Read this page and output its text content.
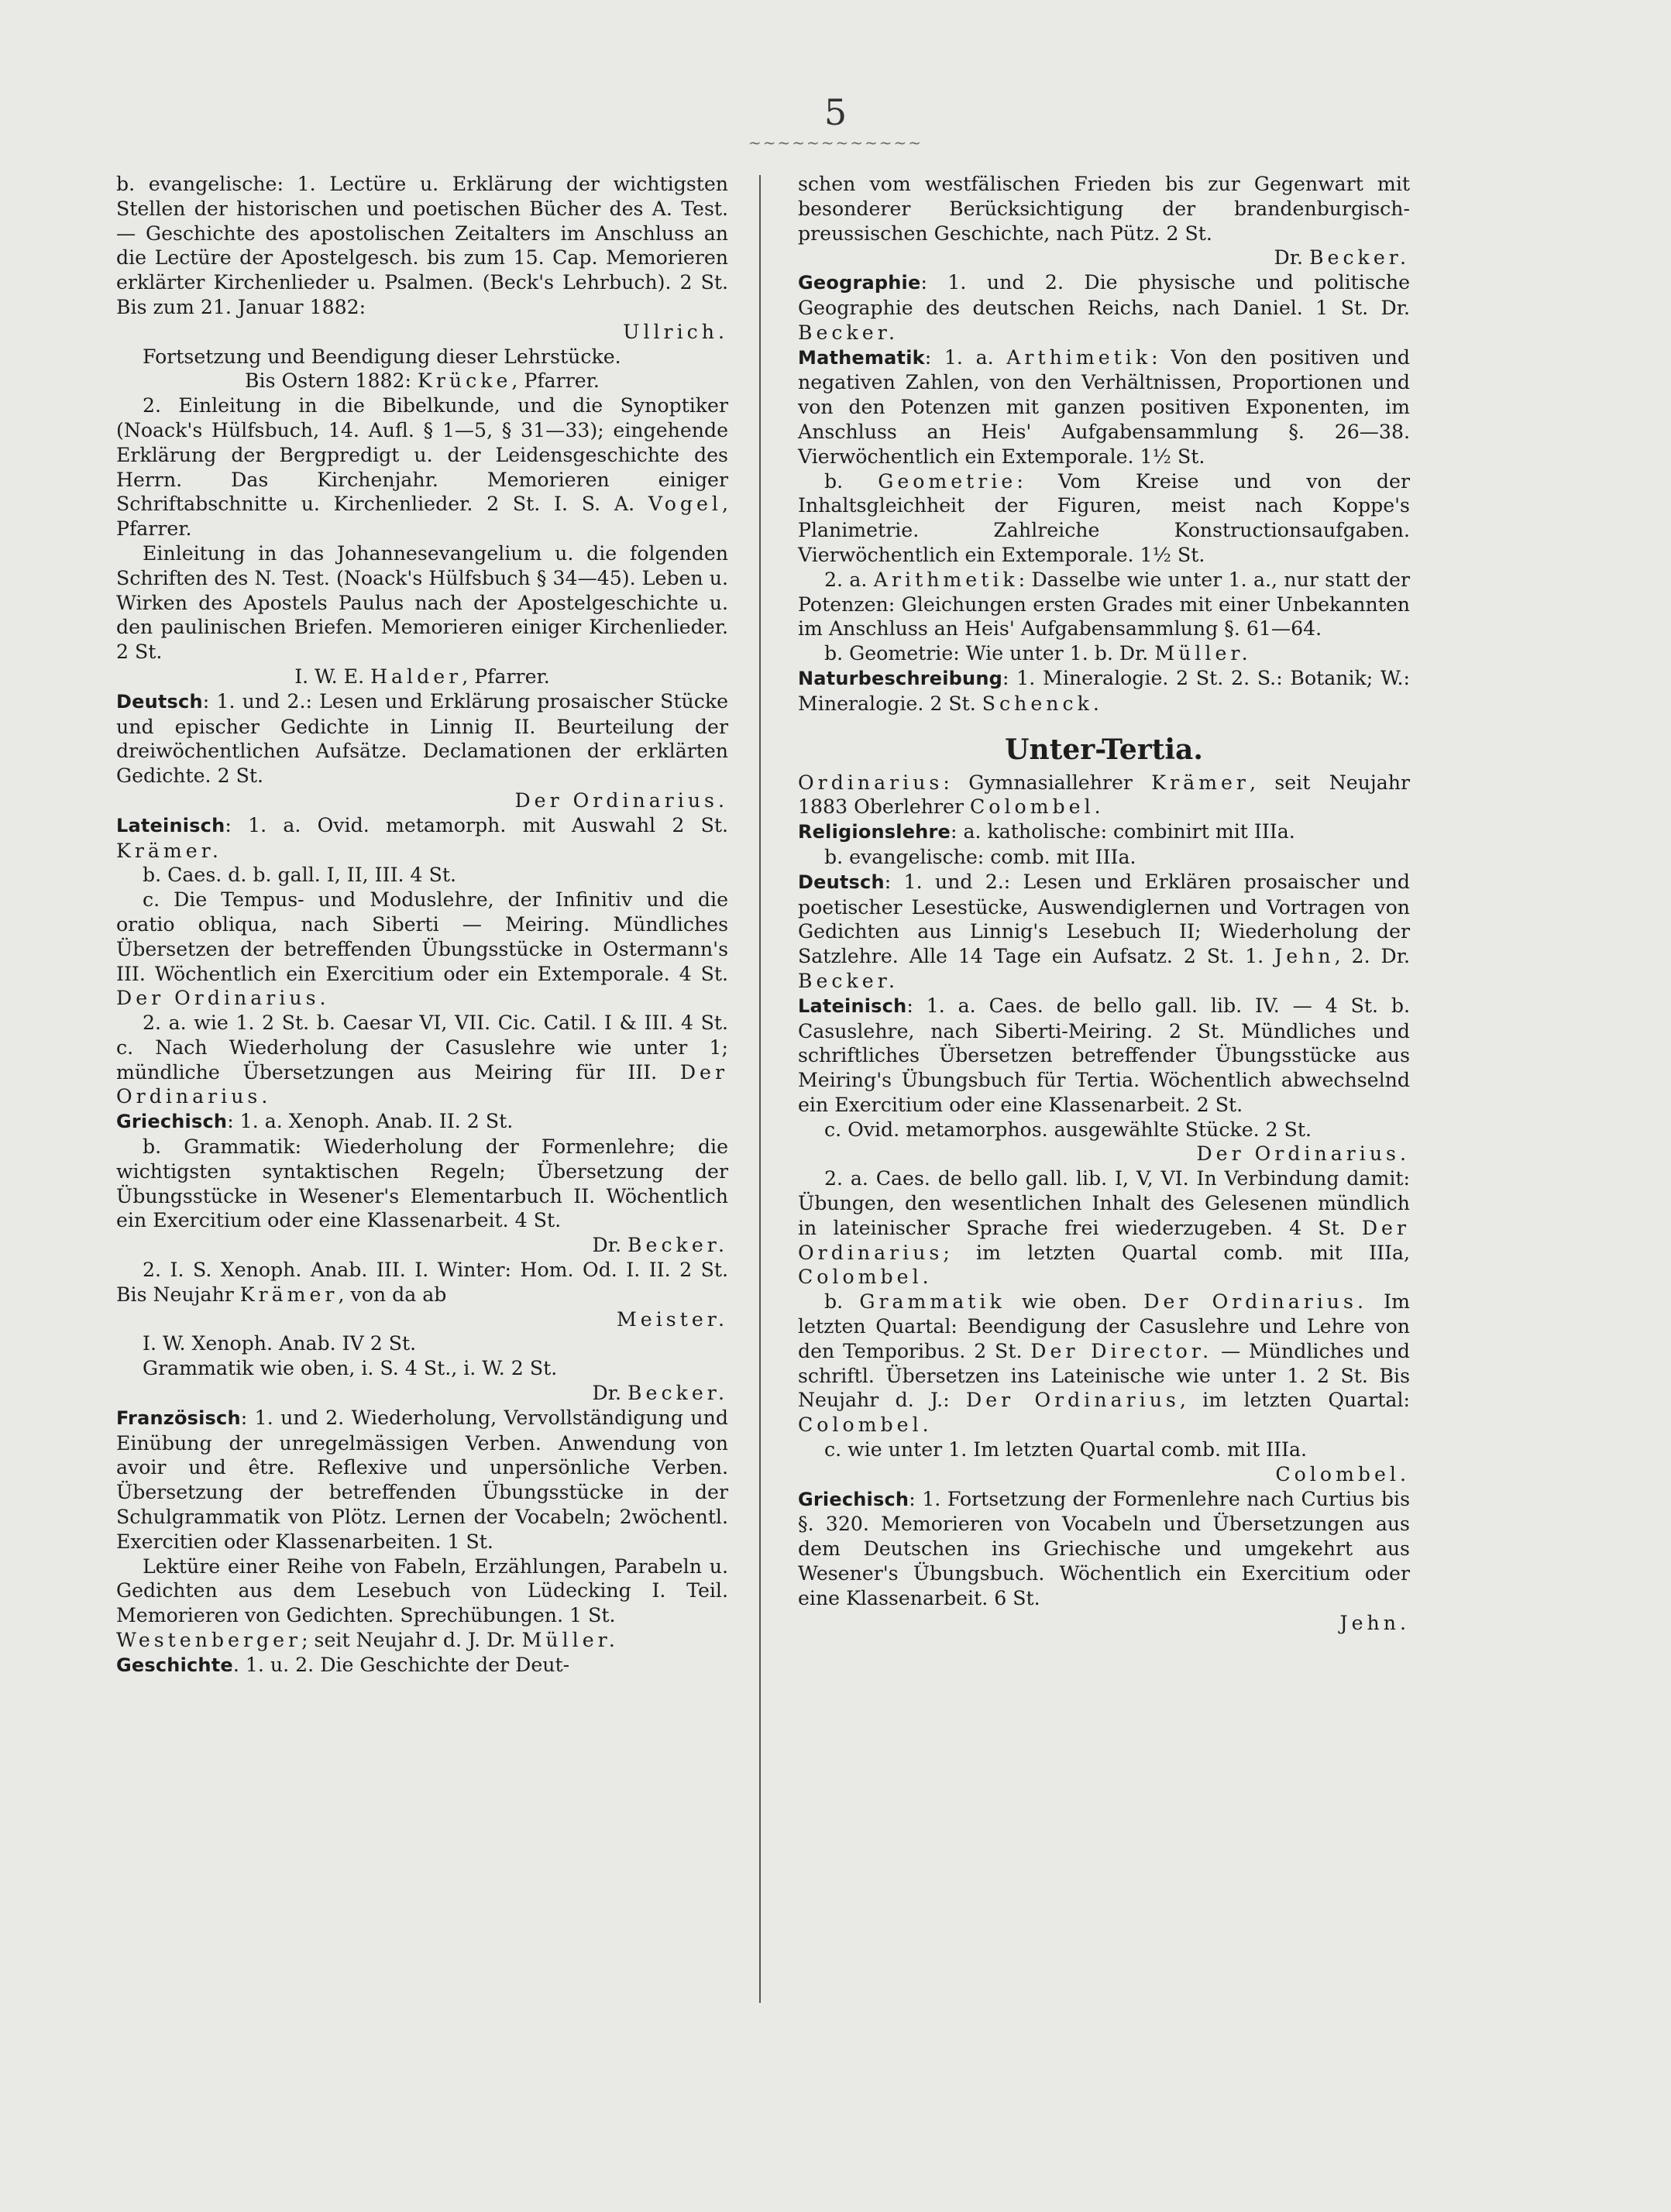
5
~~~~~~~~~~~~

b. evangelische: 1. Lectüre u. Erklärung der wichtigsten Stellen der historischen und poetischen Bücher des A. Test. — Geschichte des apostolischen Zeitalters im Anschluss an die Lectüre der Apostelgesch. bis zum 15. Cap. Memorieren erklärter Kirchenlieder u. Psalmen. (Beck's Lehrbuch). 2 St. Bis zum 21. Januar 1882:

Ullrich.

Fortsetzung und Beendigung dieser Lehrstücke.

Bis Ostern 1882: Krücke, Pfarrer.

2. Einleitung in die Bibelkunde, und die Synoptiker (Noack's Hülfsbuch, 14. Aufl. § 1—5, § 31—33); eingehende Erklärung der Bergpredigt u. der Leidensgeschichte des Herrn. Das Kirchenjahr. Memorieren einiger Schriftabschnitte u. Kirchenlieder. 2 St. I. S. A. Vogel, Pfarrer.

Einleitung in das Johannesevangelium u. die folgenden Schriften des N. Test. (Noack's Hülfsbuch § 34—45). Leben u. Wirken des Apostels Paulus nach der Apostelgeschichte u. den paulinischen Briefen. Memorieren einiger Kirchenlieder. 2 St.

I. W. E. Halder, Pfarrer.

Deutsch: 1. und 2.: Lesen und Erklärung prosaischer Stücke und epischer Gedichte in Linnig II. Beurteilung der dreiwöchentlichen Aufsätze. Declamationen der erklärten Gedichte. 2 St.

Der Ordinarius.

Lateinisch: 1. a. Ovid. metamorph. mit Auswahl 2 St. Krämer.

b. Caes. d. b. gall. I, II, III. 4 St.

c. Die Tempus- und Moduslehre, der Infinitiv und die oratio obliqua, nach Siberti — Meiring. Mündliches Übersetzen der betreffenden Übungsstücke in Ostermann's III. Wöchentlich ein Exercitium oder ein Extemporale. 4 St. Der Ordinarius.

2. a. wie 1. 2 St. b. Caesar VI, VII. Cic. Catil. I & III. 4 St. c. Nach Wiederholung der Casuslehre wie unter 1; mündliche Übersetzungen aus Meiring für III. Der Ordinarius.

Griechisch: 1. a. Xenoph. Anab. II. 2 St.

b. Grammatik: Wiederholung der Formenlehre; die wichtigsten syntaktischen Regeln; Übersetzung der Übungsstücke in Wesener's Elementarbuch II. Wöchentlich ein Exercitium oder eine Klassenarbeit. 4 St.

Dr. Becker.

2. I. S. Xenoph. Anab. III. I. Winter: Hom. Od. I. II. 2 St. Bis Neujahr Krämer, von da ab

Meister.

I. W. Xenoph. Anab. IV 2 St.

Grammatik wie oben, i. S. 4 St., i. W. 2 St.

Dr. Becker.

Französisch: 1. und 2. Wiederholung, Vervollständigung und Einübung der unregelmässigen Verben. Anwendung von avoir und être. Reflexive und unpersönliche Verben. Übersetzung der betreffenden Übungsstücke in der Schulgrammatik von Plötz. Lernen der Vocabeln; 2wöchentl. Exercitien oder Klassenarbeiten. 1 St.

Lektüre einer Reihe von Fabeln, Erzählungen, Parabeln u. Gedichten aus dem Lesebuch von Lüdecking I. Teil. Memorieren von Gedichten. Sprechübungen. 1 St.

Westenberger; seit Neujahr d. J. Dr. Müller.

Geschichte. 1. u. 2. Die Geschichte der Deut-

schen vom westfälischen Frieden bis zur Gegenwart mit besonderer Berücksichtigung der brandenburgisch-preussischen Geschichte, nach Pütz. 2 St.

Dr. Becker.

Geographie: 1. und 2. Die physische und politische Geographie des deutschen Reichs, nach Daniel. 1 St. Dr. Becker.

Mathematik: 1. a. Arthimetik: Von den positiven und negativen Zahlen, von den Verhältnissen, Proportionen und von den Potenzen mit ganzen positiven Exponenten, im Anschluss an Heis' Aufgabensammlung §. 26—38. Vierwöchentlich ein Extemporale. 1½ St.

b. Geometrie: Vom Kreise und von der Inhaltsgleichheit der Figuren, meist nach Koppe's Planimetrie. Zahlreiche Konstructionsaufgaben. Vierwöchentlich ein Extemporale. 1½ St.

2. a. Arithmetik: Dasselbe wie unter 1. a., nur statt der Potenzen: Gleichungen ersten Grades mit einer Unbekannten im Anschluss an Heis' Aufgabensammlung §. 61—64.

b. Geometrie: Wie unter 1. b. Dr. Müller.

Naturbeschreibung: 1. Mineralogie. 2 St. 2. S.: Botanik; W.: Mineralogie. 2 St. Schenck.

Unter-Tertia.

Ordinarius: Gymnasiallehrer Krämer, seit Neujahr 1883 Oberlehrer Colombel.

Religionslehre: a. katholische: combinirt mit IIIa.

b. evangelische: comb. mit IIIa.

Deutsch: 1. und 2.: Lesen und Erklären prosaischer und poetischer Lesestücke, Auswendiglernen und Vortragen von Gedichten aus Linnig's Lesebuch II; Wiederholung der Satzlehre. Alle 14 Tage ein Aufsatz. 2 St. 1. Jehn, 2. Dr. Becker.

Lateinisch: 1. a. Caes. de bello gall. lib. IV. — 4 St. b. Casuslehre, nach Siberti-Meiring. 2 St. Mündliches und schriftliches Übersetzen betreffender Übungsstücke aus Meiring's Übungsbuch für Tertia. Wöchentlich abwechselnd ein Exercitium oder eine Klassenarbeit. 2 St.

c. Ovid. metamorphos. ausgewählte Stücke. 2 St.

Der Ordinarius.

2. a. Caes. de bello gall. lib. I, V, VI. In Verbindung damit: Übungen, den wesentlichen Inhalt des Gelesenen mündlich in lateinischer Sprache frei wiederzugeben. 4 St. Der Ordinarius; im letzten Quartal comb. mit IIIa, Colombel.

b. Grammatik wie oben. Der Ordinarius. Im letzten Quartal: Beendigung der Casuslehre und Lehre von den Temporibus. 2 St. Der Director. — Mündliches und schriftl. Übersetzen ins Lateinische wie unter 1. 2 St. Bis Neujahr d. J.: Der Ordinarius, im letzten Quartal: Colombel.

c. wie unter 1. Im letzten Quartal comb. mit IIIa.

Colombel.

Griechisch: 1. Fortsetzung der Formenlehre nach Curtius bis §. 320. Memorieren von Vocabeln und Übersetzungen aus dem Deutschen ins Griechische und umgekehrt aus Wesener's Übungsbuch. Wöchentlich ein Exercitium oder eine Klassenarbeit. 6 St.

Jehn.
